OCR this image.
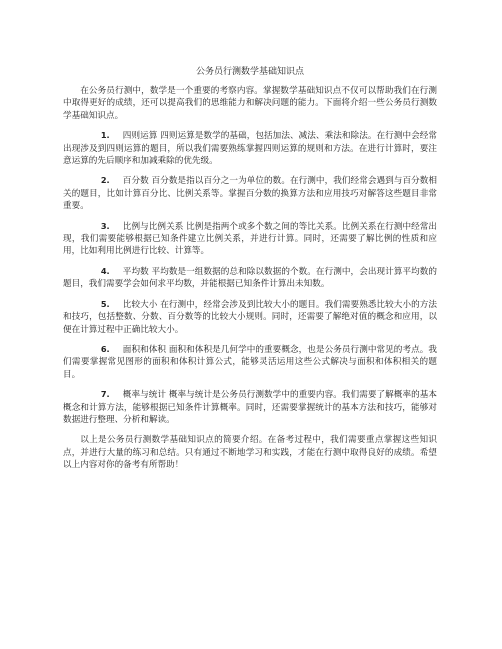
公务员行测数学基础知识点

在公务员行测中，数学是一个重要的考察内容。掌握数学基础知识点不仅可以帮助我们在行测中取得更好的成绩，还可以提高我们的思维能力和解决问题的能力。下面将介绍一些公务员行测数学基础知识点。

1. 四则运算 四则运算是数学的基础，包括加法、减法、乘法和除法。在行测中会经常出现涉及到四则运算的题目，所以我们需要熟练掌握四则运算的规则和方法。在进行计算时，要注意运算的先后顺序和加减乘除的优先级。

2. 百分数 百分数是指以百分之一为单位的数。在行测中，我们经常会遇到与百分数相关的题目，比如计算百分比、比例关系等。掌握百分数的换算方法和应用技巧对解答这些题目非常重要。

3. 比例与比例关系 比例是指两个或多个数之间的等比关系。比例关系在行测中经常出现，我们需要能够根据已知条件建立比例关系，并进行计算。同时，还需要了解比例的性质和应用，比如利用比例进行比较、计算等。

4. 平均数 平均数是一组数据的总和除以数据的个数。在行测中，会出现计算平均数的题目，我们需要学会如何求平均数，并能根据已知条件计算出未知数。

5. 比较大小 在行测中，经常会涉及到比较大小的题目。我们需要熟悉比较大小的方法和技巧，包括整数、分数、百分数等的比较大小规则。同时，还需要了解绝对值的概念和应用，以便在计算过程中正确比较大小。

6. 面积和体积 面积和体积是几何学中的重要概念，也是公务员行测中常见的考点。我们需要掌握常见图形的面积和体积计算公式，能够灵活运用这些公式解决与面积和体积相关的题目。

7. 概率与统计 概率与统计是公务员行测数学中的重要内容。我们需要了解概率的基本概念和计算方法，能够根据已知条件计算概率。同时，还需要掌握统计的基本方法和技巧，能够对数据进行整理、分析和解读。

以上是公务员行测数学基础知识点的简要介绍。在备考过程中，我们需要重点掌握这些知识点，并进行大量的练习和总结。只有通过不断地学习和实践，才能在行测中取得良好的成绩。希望以上内容对你的备考有所帮助！
